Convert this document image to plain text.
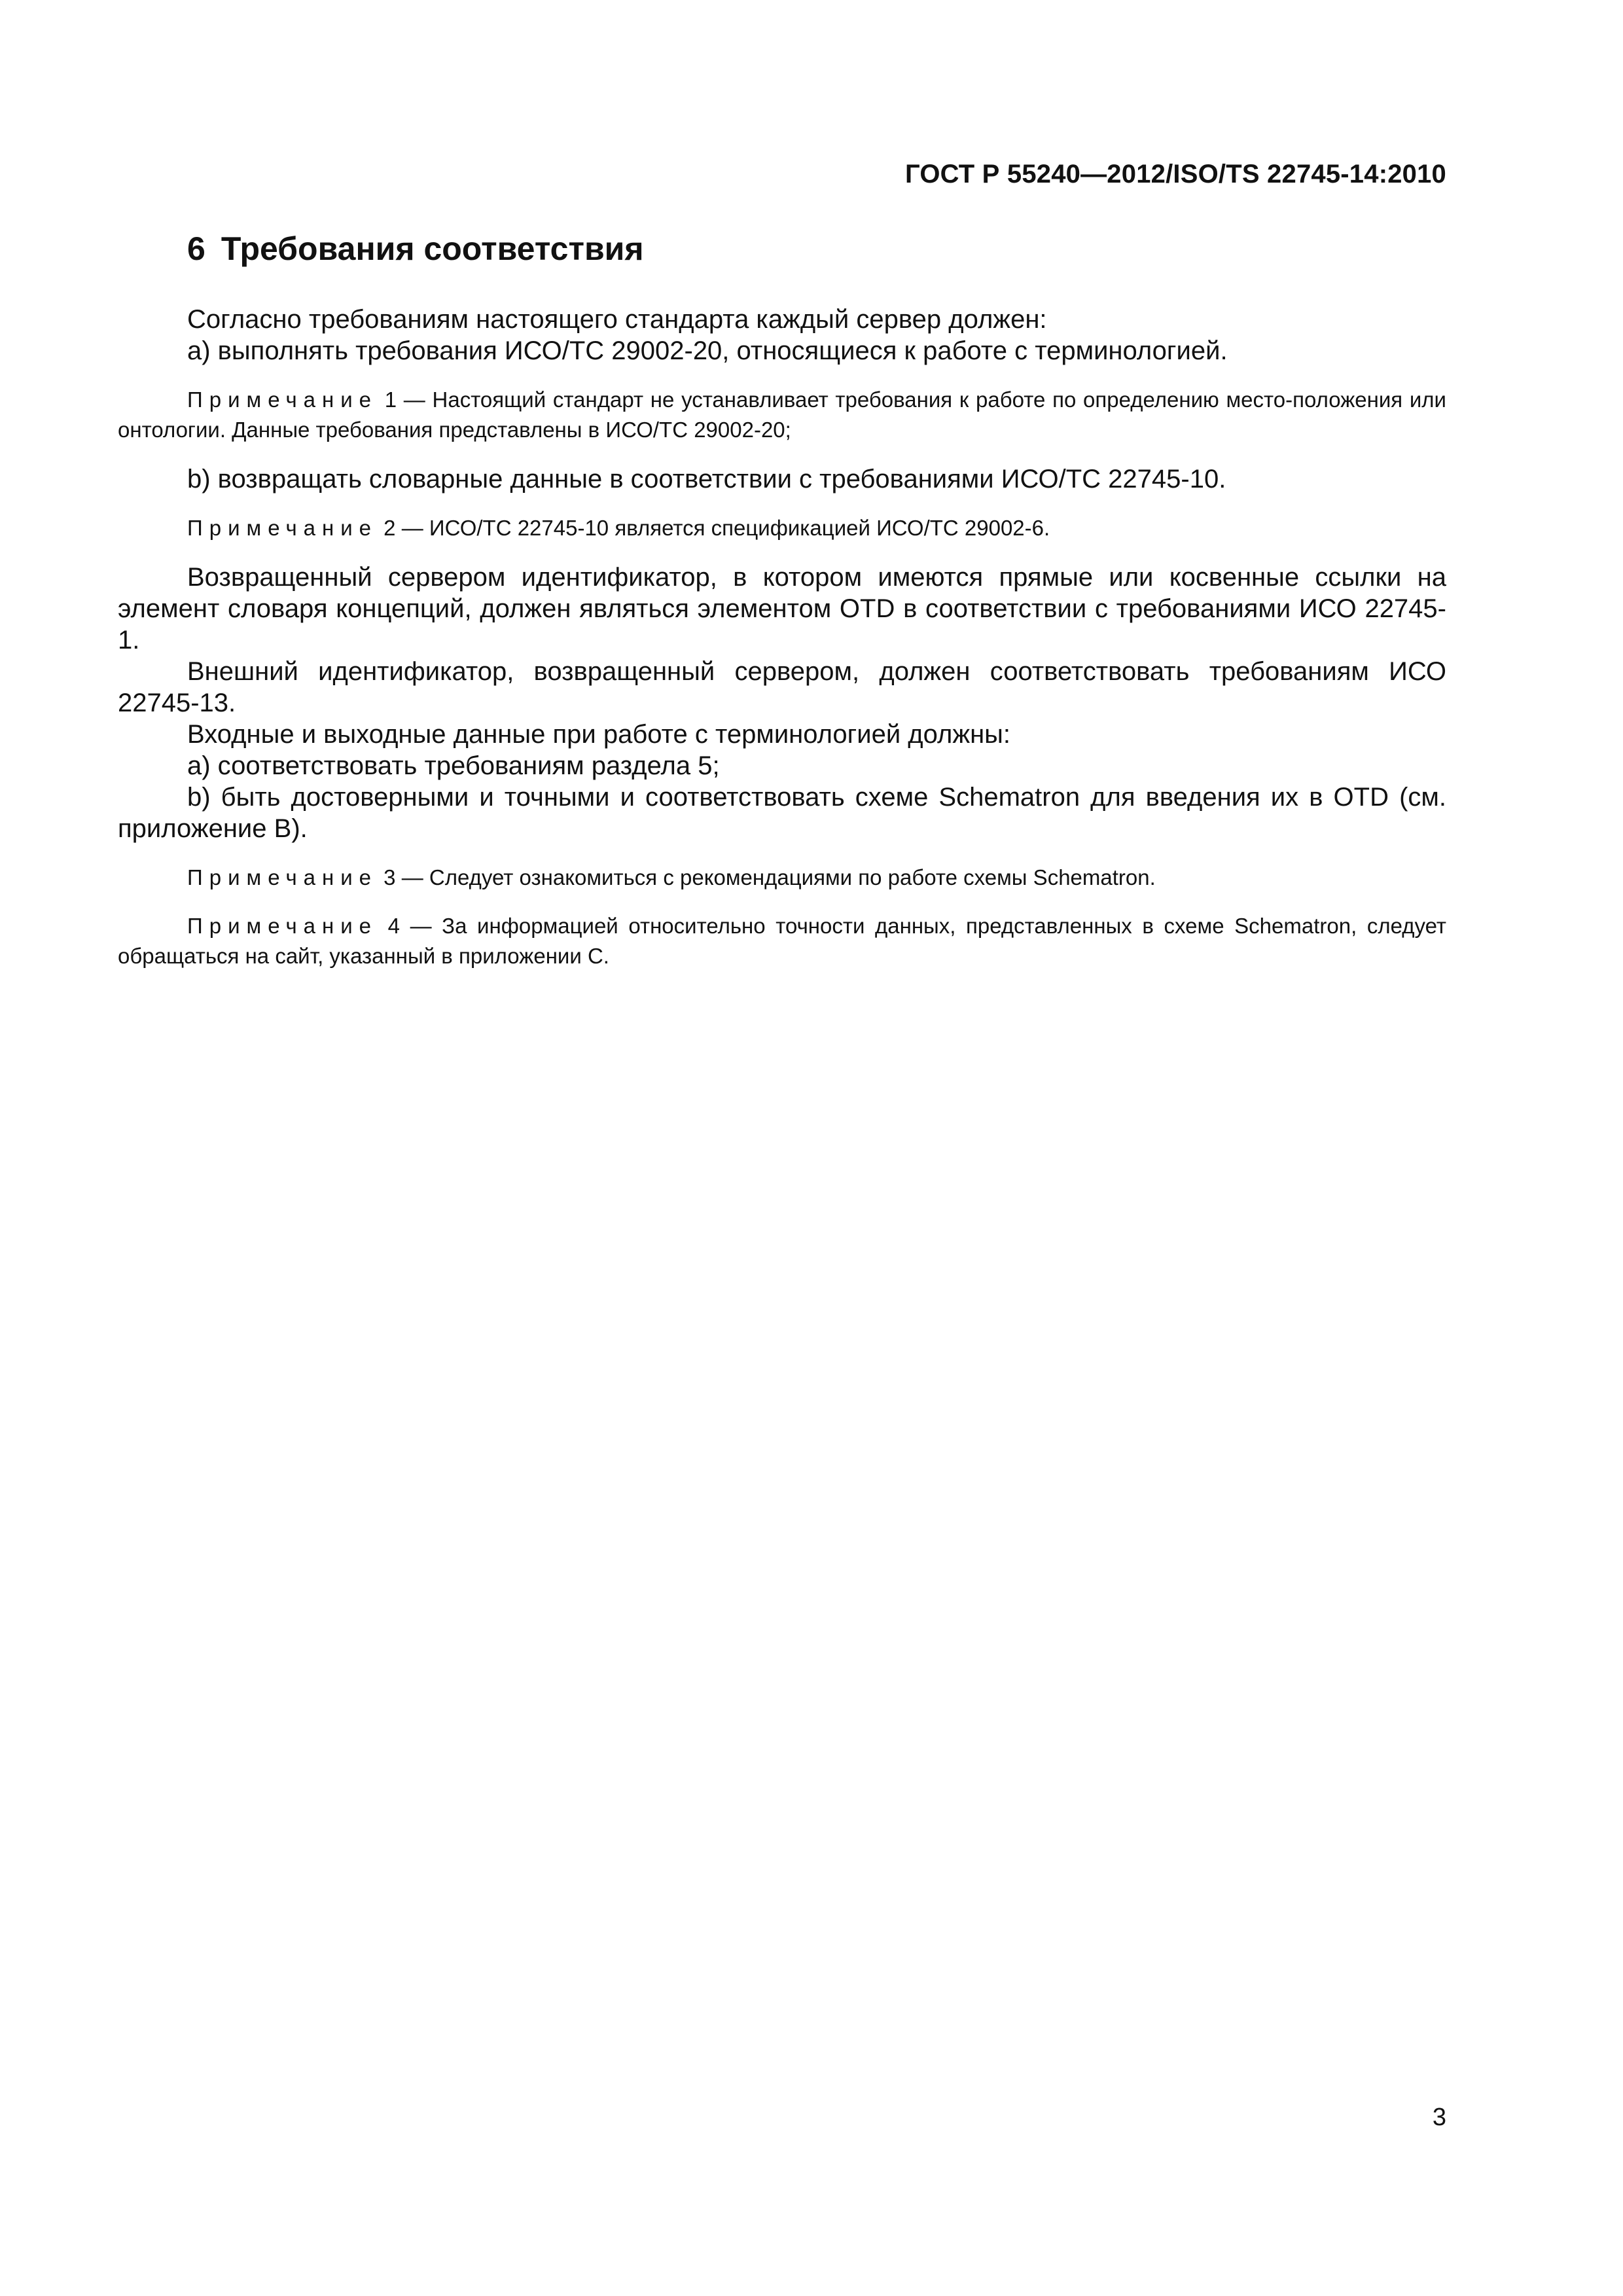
ГОСТ Р 55240—2012/ISO/TS 22745-14:2010
6 Требования соответствия

Согласно требованиям настоящего стандарта каждый сервер должен:

а) выполнять требования ИСО/ТС 29002-20, относящиеся к работе с терминологией.

Примечание 1 — Настоящий стандарт не устанавливает требования к работе по определению место-положения или онтологии. Данные требования представлены в ИСО/ТС 29002-20;

b) возвращать словарные данные в соответствии с требованиями ИСО/ТС 22745-10.

Примечание 2 — ИСО/ТС 22745-10 является спецификацией ИСО/ТС 29002-6.

Возвращенный сервером идентификатор, в котором имеются прямые или косвенные ссылки на элемент словаря концепций, должен являться элементом OTD в соответствии с требованиями ИСО 22745-1.

Внешний идентификатор, возвращенный сервером, должен соответствовать требованиям ИСО 22745-13.

Входные и выходные данные при работе с терминологией должны:

а) соответствовать требованиям раздела 5;

b) быть достоверными и точными и соответствовать схеме Schematron для введения их в OTD (см. приложение В).

Примечание 3 — Следует ознакомиться с рекомендациями по работе схемы Schematron.

Примечание 4 — За информацией относительно точности данных, представленных в схеме Schematron, следует обращаться на сайт, указанный в приложении С.

3
